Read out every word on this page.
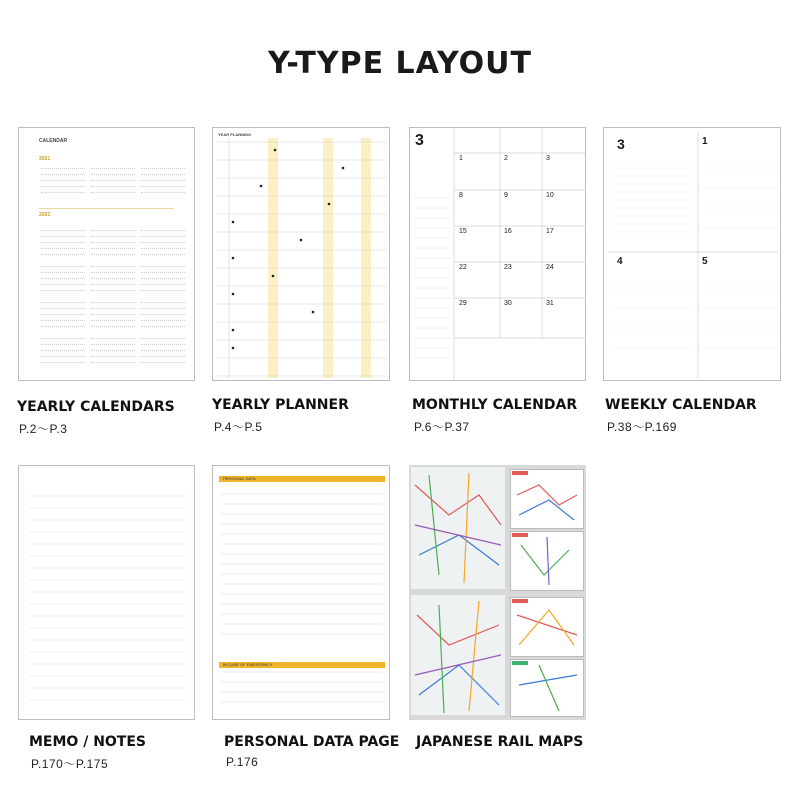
Y-TYPE LAYOUT
CALENDAR
2021
2022
YEAR PLANNING	3
1	2	3
8	9	10
15	16	17
22	23	24
29	30	31
3	1
4	5
PERSONAL DATA
IN CASE OF EMERGENCY
YEARLY CALENDARS
P.2～P.3
YEARLY PLANNER
P.4～P.5
MONTHLY CALENDAR
P.6～P.37
WEEKLY CALENDAR
P.38～P.169
MEMO / NOTES
P.170～P.175
PERSONAL DATA PAGE
P.176
JAPANESE RAIL MAPS
